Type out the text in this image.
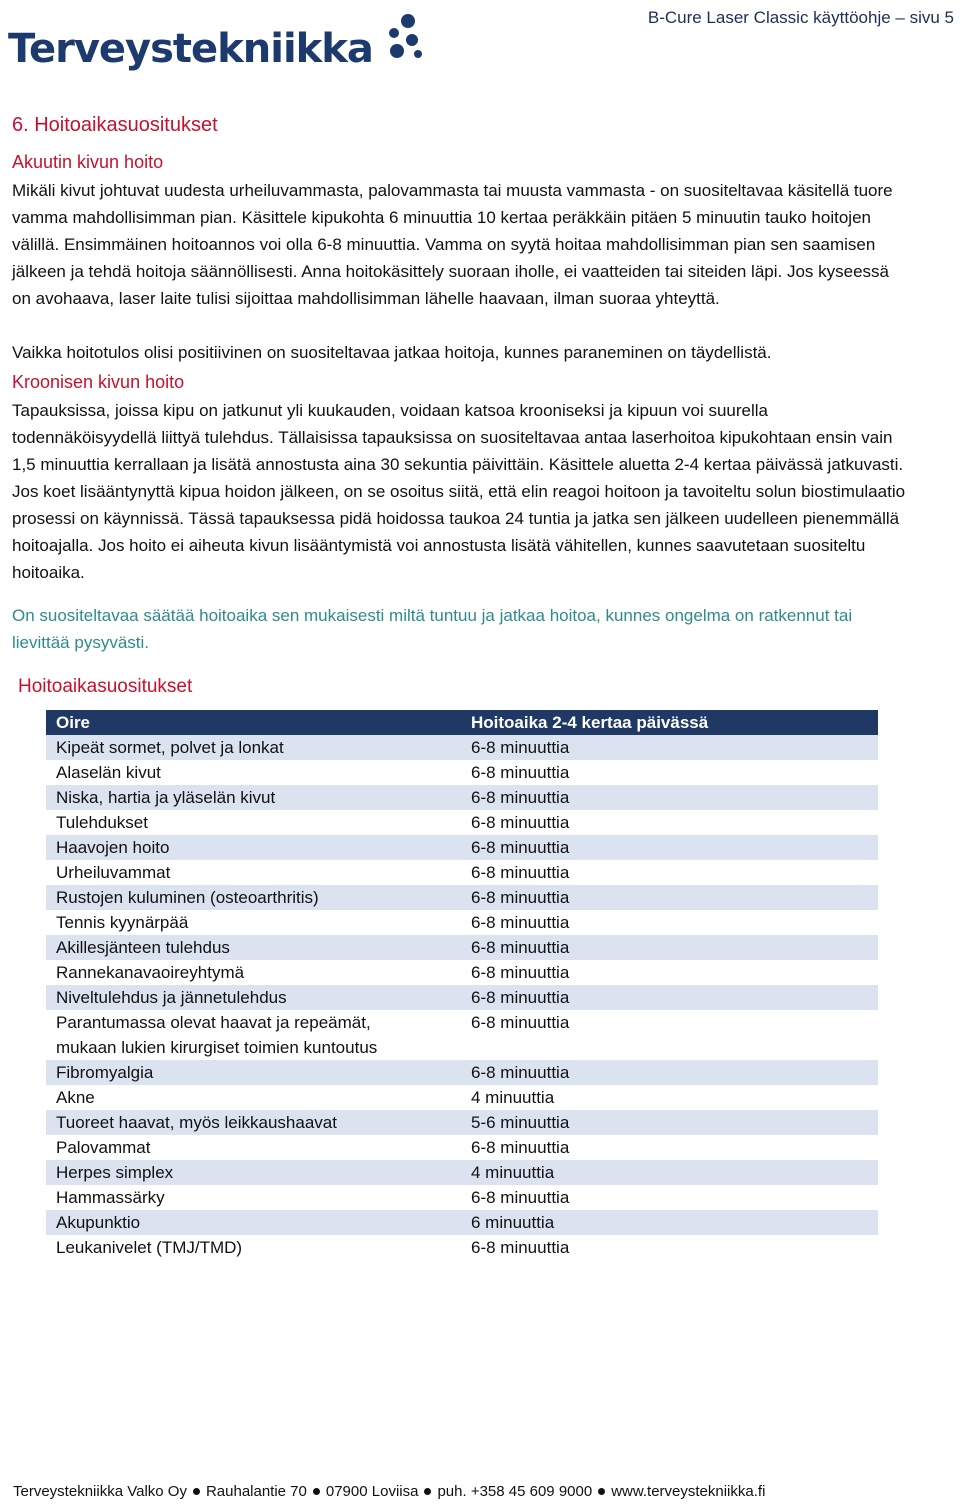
Terveystekniikka
B-Cure Laser Classic käyttöohje – sivu 5
6. Hoitoaikasuositukset
Akuutin kivun hoito

Mikäli kivut johtuvat uudesta urheiluvammasta, palovammasta tai muusta vammasta - on suositeltavaa käsitellä tuore vamma mahdollisimman pian. Käsittele kipukohta 6 minuuttia 10 kertaa peräkkäin pitäen 5 minuutin tauko hoitojen välillä. Ensimmäinen hoitoannos voi olla 6-8 minuuttia. Vamma on syytä hoitaa mahdollisimman pian sen saamisen jälkeen ja tehdä hoitoja säännöllisesti. Anna hoitokäsittely suoraan iholle, ei vaatteiden tai siteiden läpi. Jos kyseessä on avohaava, laser laite tulisi sijoittaa mahdollisimman lähelle haavaan, ilman suoraa yhteyttä.

Vaikka hoitotulos olisi positiivinen on suositeltavaa jatkaa hoitoja, kunnes paraneminen on täydellistä.

Kroonisen kivun hoito

Tapauksissa, joissa kipu on jatkunut yli kuukauden, voidaan katsoa krooniseksi ja kipuun voi suurella todennäköisyydellä liittyä tulehdus. Tällaisissa tapauksissa on suositeltavaa antaa laserhoitoa kipukohtaan ensin vain 1,5 minuuttia kerrallaan ja lisätä annostusta aina 30 sekuntia päivittäin. Käsittele aluetta 2-4 kertaa päivässä jatkuvasti. Jos koet lisääntynyttä kipua hoidon jälkeen, on se osoitus siitä, että elin reagoi hoitoon ja tavoiteltu solun biostimulaatio prosessi on käynnissä. Tässä tapauksessa pidä hoidossa taukoa 24 tuntia ja jatka sen jälkeen uudelleen pienemmällä hoitoajalla. Jos hoito ei aiheuta kivun lisääntymistä voi annostusta lisätä vähitellen, kunnes saavutetaan suositeltu hoitoaika.

On suositeltavaa säätää hoitoaika sen mukaisesti miltä tuntuu ja jatkaa hoitoa, kunnes ongelma on ratkennut tai lievittää pysyvästi.

Hoitoaikasuositukset
Oire	Hoitoaika 2-4 kertaa päivässä
Kipeät sormet, polvet ja lonkat	6-8 minuuttia
Alaselän kivut	6-8 minuuttia
Niska, hartia ja yläselän kivut	6-8 minuuttia
Tulehdukset	6-8 minuuttia
Haavojen hoito	6-8 minuuttia
Urheiluvammat	6-8 minuuttia
Rustojen kuluminen (osteoarthritis)	6-8 minuuttia
Tennis kyynärpää	6-8 minuuttia
Akillesjänteen tulehdus	6-8 minuuttia
Rannekanavaoireyhtymä	6-8 minuuttia
Niveltulehdus ja jännetulehdus	6-8 minuuttia
Parantumassa olevat haavat ja repeämät,	6-8 minuuttia
mukaan lukien kirurgiset toimien kuntoutus	
Fibromyalgia	6-8 minuuttia
Akne	4 minuuttia
Tuoreet haavat, myös leikkaushaavat	5-6 minuuttia
Palovammat	6-8 minuuttia
Herpes simplex	4 minuuttia
Hammassärky	6-8 minuuttia
Akupunktio	6 minuuttia
Leukanivelet (TMJ/TMD)	6-8 minuuttia
Terveystekniikka Valko Oy Rauhalantie 70 07900 Loviisa puh. +358 45 609 9000 www.terveystekniikka.fi
